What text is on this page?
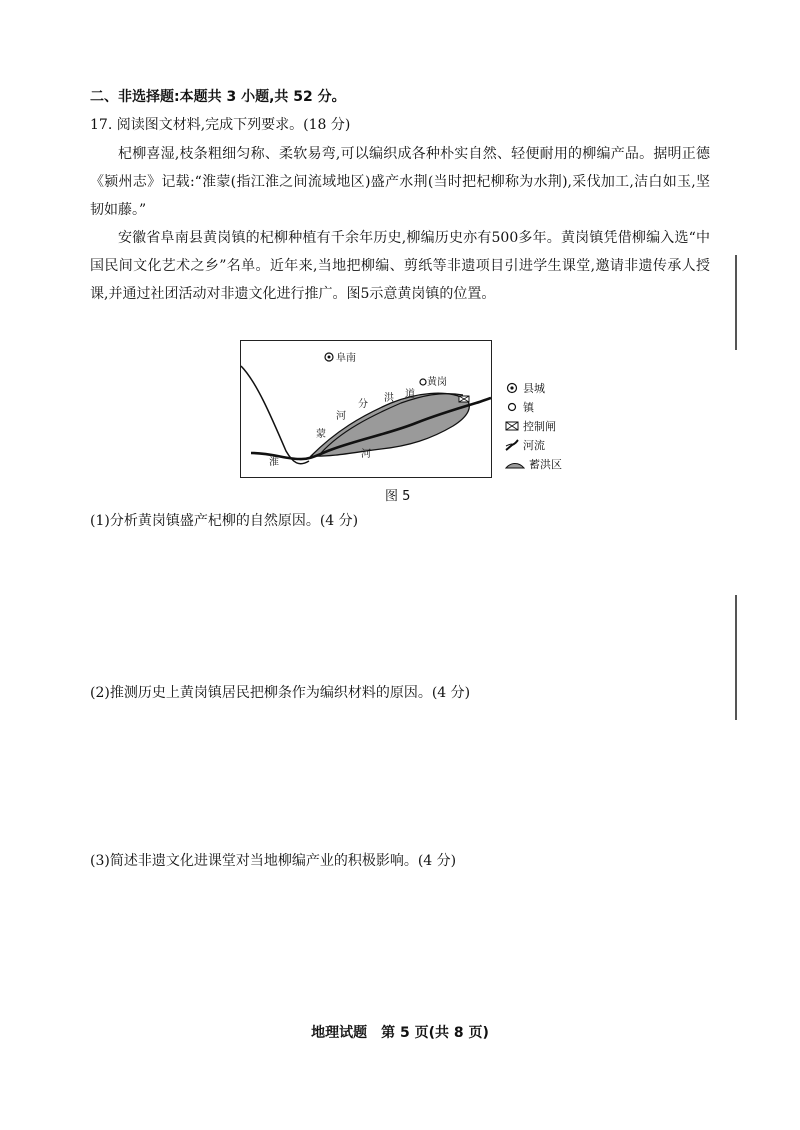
二、非选择题:本题共 3 小题,共 52 分。
17. 阅读图文材料,完成下列要求。(18 分)

杞柳喜湿,枝条粗细匀称、柔软易弯,可以编织成各种朴实自然、轻便耐用的柳编产品。据明正德《颍州志》记载:“淮蒙(指江淮之间流域地区)盛产水荆(当时把杞柳称为水荆),采伐加工,洁白如玉,坚韧如藤。”

安徽省阜南县黄岗镇的杞柳种植有千余年历史,柳编历史亦有500多年。黄岗镇凭借柳编入选“中国民间文化艺术之乡”名单。近年来,当地把柳编、剪纸等非遗项目引进学生课堂,邀请非遗传承人授课,并通过社团活动对非遗文化进行推广。图5示意黄岗镇的位置。

阜南
黄岗
蒙
河
分
洪 道
河
淮
县城
镇
控制闸
河流
蓄洪区
图 5
(1)分析黄岗镇盛产杞柳的自然原因。(4 分)
(2)推测历史上黄岗镇居民把柳条作为编织材料的原因。(4 分)
(3)简述非遗文化进课堂对当地柳编产业的积极影响。(4 分)
地理试题　第 5 页(共 8 页)
